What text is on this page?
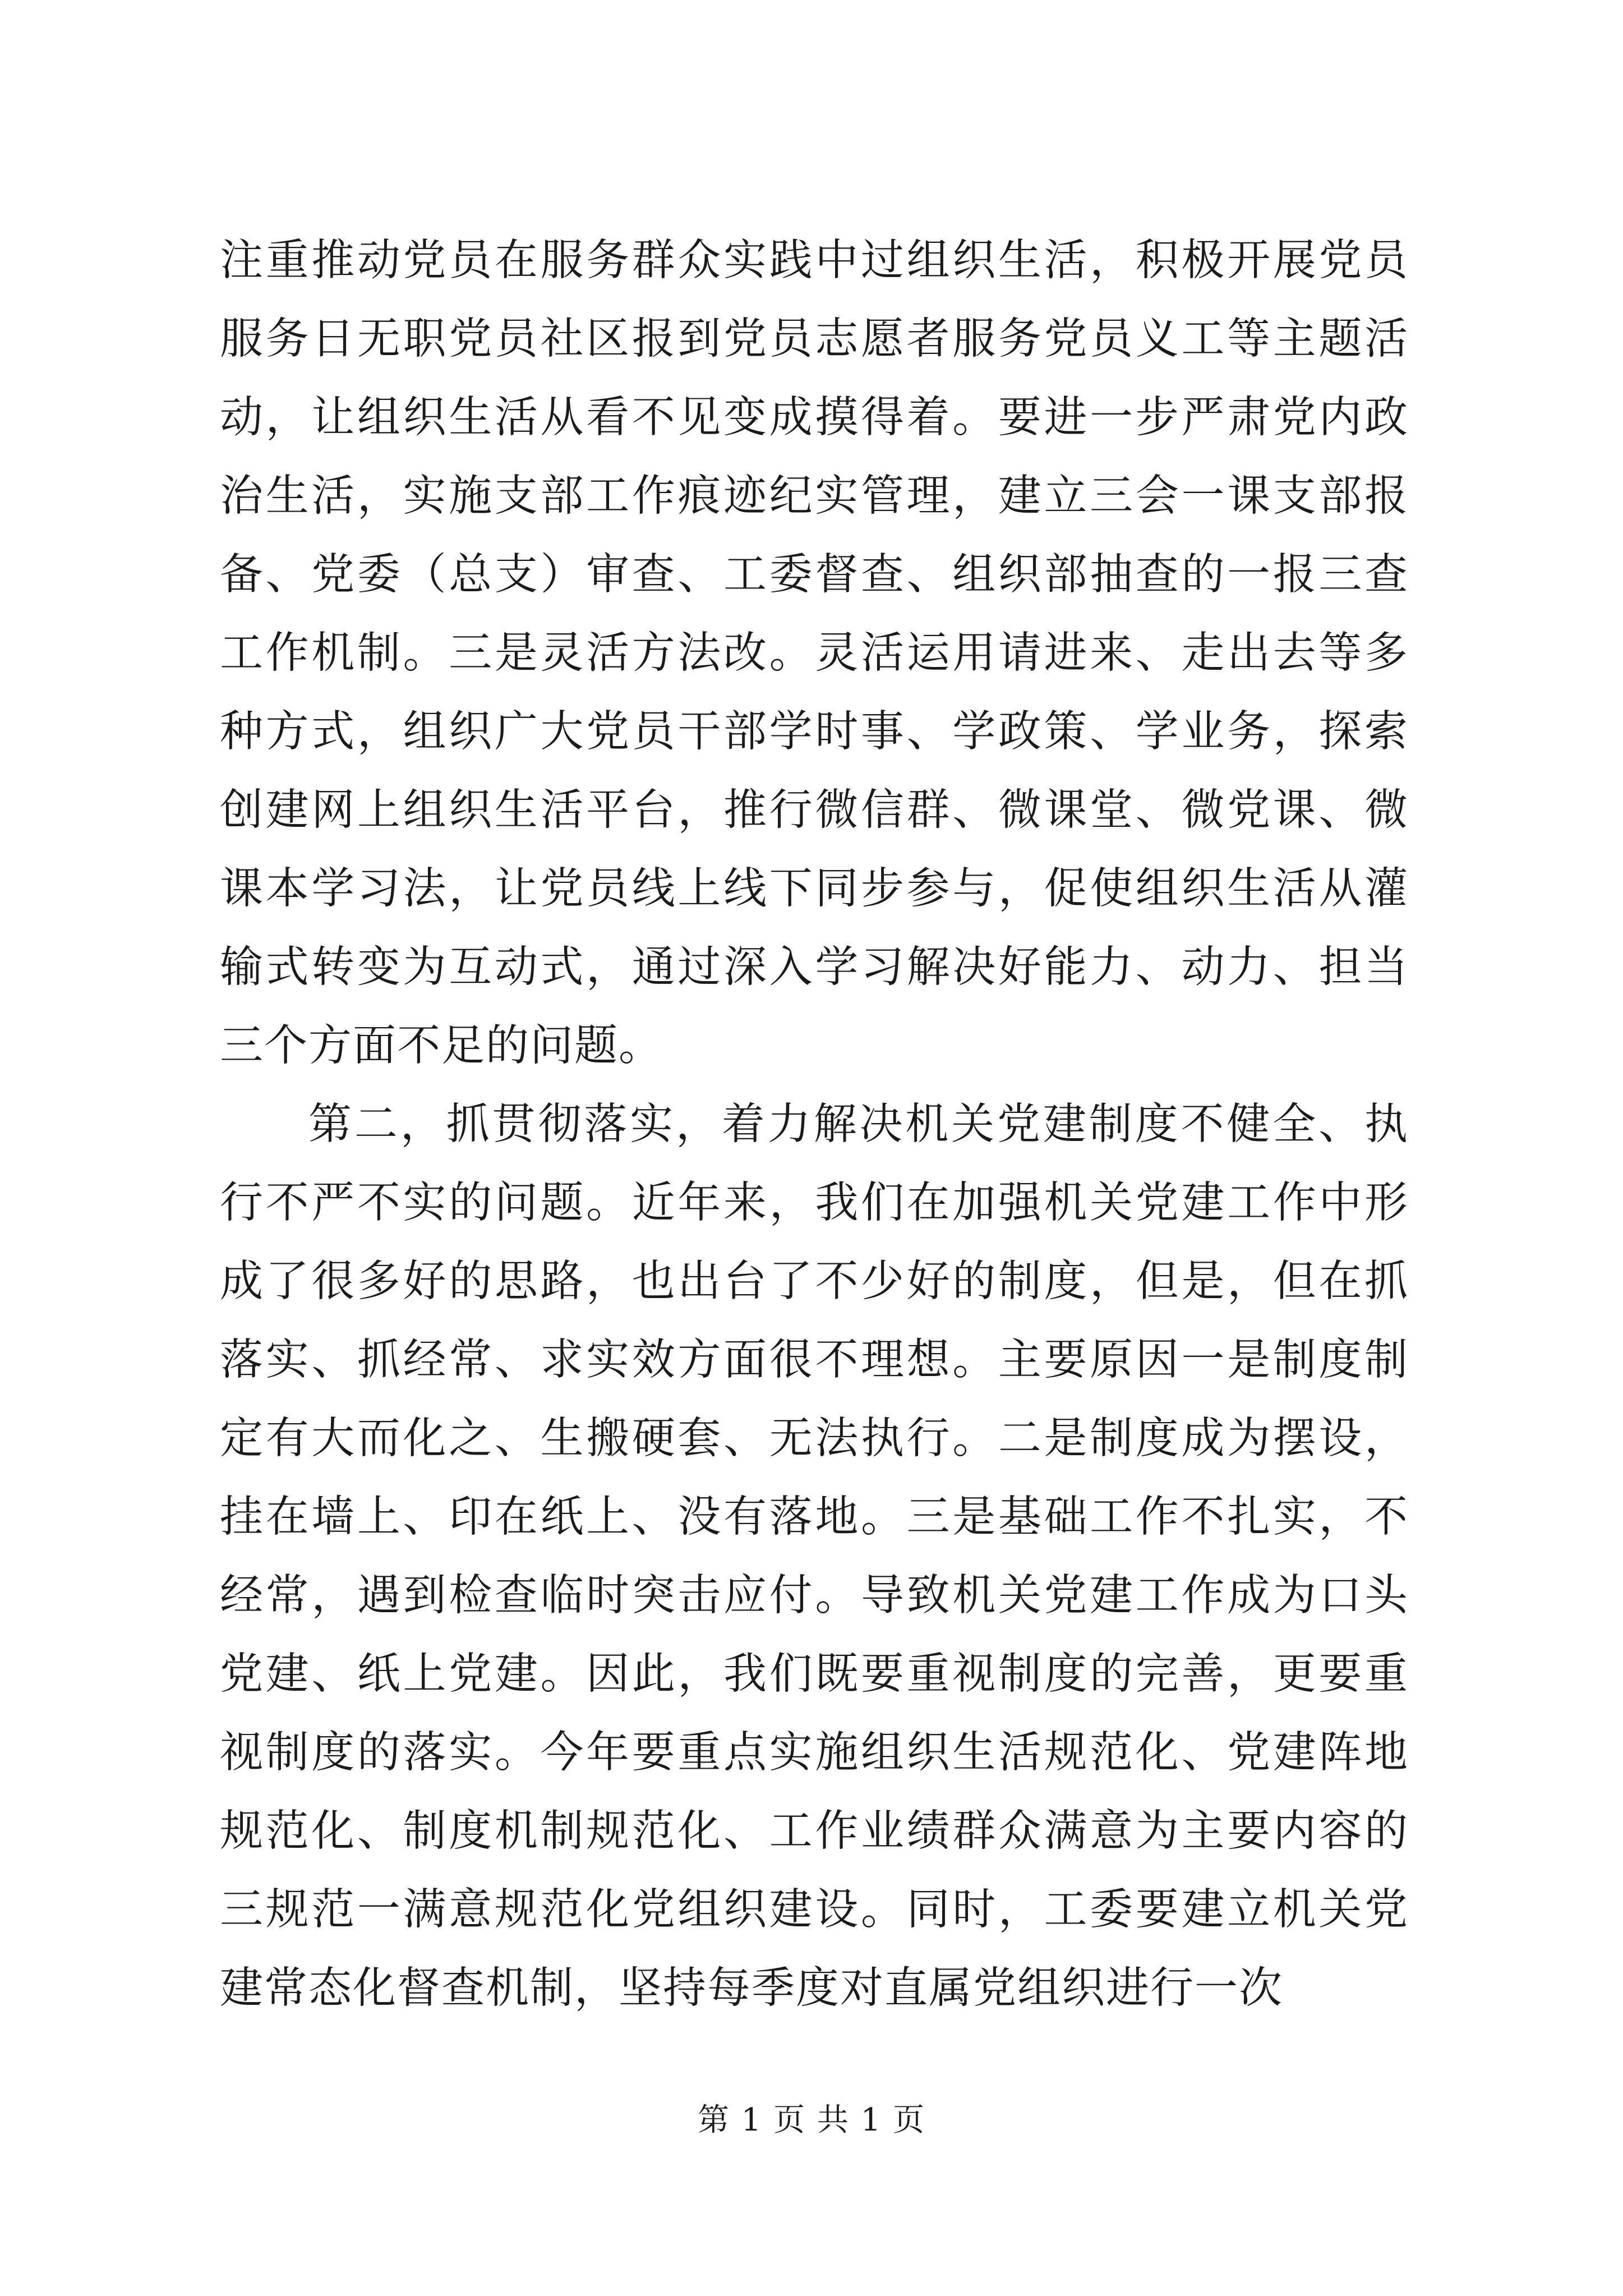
注重推动党员在服务群众实践中过组织生活，积极开展党员服务日无职党员社区报到党员志愿者服务党员义工等主题活动，让组织生活从看不见变成摸得着。要进一步严肃党内政治生活，实施支部工作痕迹纪实管理，建立三会一课支部报备、党委（总支）审查、工委督查、组织部抽查的一报三查工作机制。三是灵活方法改。灵活运用请进来、走出去等多种方式，组织广大党员干部学时事、学政策、学业务，探索创建网上组织生活平台，推行微信群、微课堂、微党课、微课本学习法，让党员线上线下同步参与，促使组织生活从灌输式转变为互动式，通过深入学习解决好能力、动力、担当三个方面不足的问题。

第二，抓贯彻落实，着力解决机关党建制度不健全、执行不严不实的问题。近年来，我们在加强机关党建工作中形成了很多好的思路，也出台了不少好的制度，但是，但在抓落实、抓经常、求实效方面很不理想。主要原因一是制度制定有大而化之、生搬硬套、无法执行。二是制度成为摆设，挂在墙上、印在纸上、没有落地。三是基础工作不扎实，不经常，遇到检查临时突击应付。导致机关党建工作成为口头党建、纸上党建。因此，我们既要重视制度的完善，更要重视制度的落实。今年要重点实施组织生活规范化、党建阵地规范化、制度机制规范化、工作业绩群众满意为主要内容的三规范一满意规范化党组织建设。同时，工委要建立机关党建常态化督查机制，坚持每季度对直属党组织进行一次

第 1 页 共 1 页
